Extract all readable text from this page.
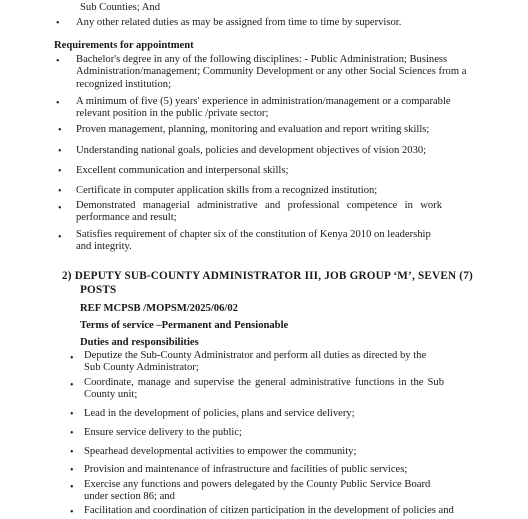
Sub Counties; And
• Any other related duties as may be assigned from time to time by supervisor.
Requirements for appointment
• Bachelor's degree in any of the following disciplines: - Public Administration; Business Administration/management; Community Development or any other Social Sciences from a recognized institution;
• A minimum of five (5) years' experience in administration/management or a comparable relevant position in the public /private sector;
• Proven management, planning, monitoring and evaluation and report writing skills;
• Understanding national goals, policies and development objectives of vision 2030;
• Excellent communication and interpersonal skills;
• Certificate in computer application skills from a recognized institution;
• Demonstrated managerial administrative and professional competence in work performance and result;
• Satisfies requirement of chapter six of the constitution of Kenya 2010 on leadership and integrity.
2) DEPUTY SUB-COUNTY ADMINISTRATOR III, JOB GROUP ‘M’, SEVEN (7)
POSTS
REF MCPSB /MOPSM/2025/06/02
Terms of service –Permanent and Pensionable
Duties and responsibilities
• Deputize the Sub-County Administrator and perform all duties as directed by the Sub County Administrator;
• Coordinate, manage and supervise the general administrative functions in the Sub County unit;
• Lead in the development of policies, plans and service delivery;
• Ensure service delivery to the public;
• Spearhead developmental activities to empower the community;
• Provision and maintenance of infrastructure and facilities of public services;
• Exercise any functions and powers delegated by the County Public Service Board under section 86; and
• Facilitation and coordination of citizen participation in the development of policies and
